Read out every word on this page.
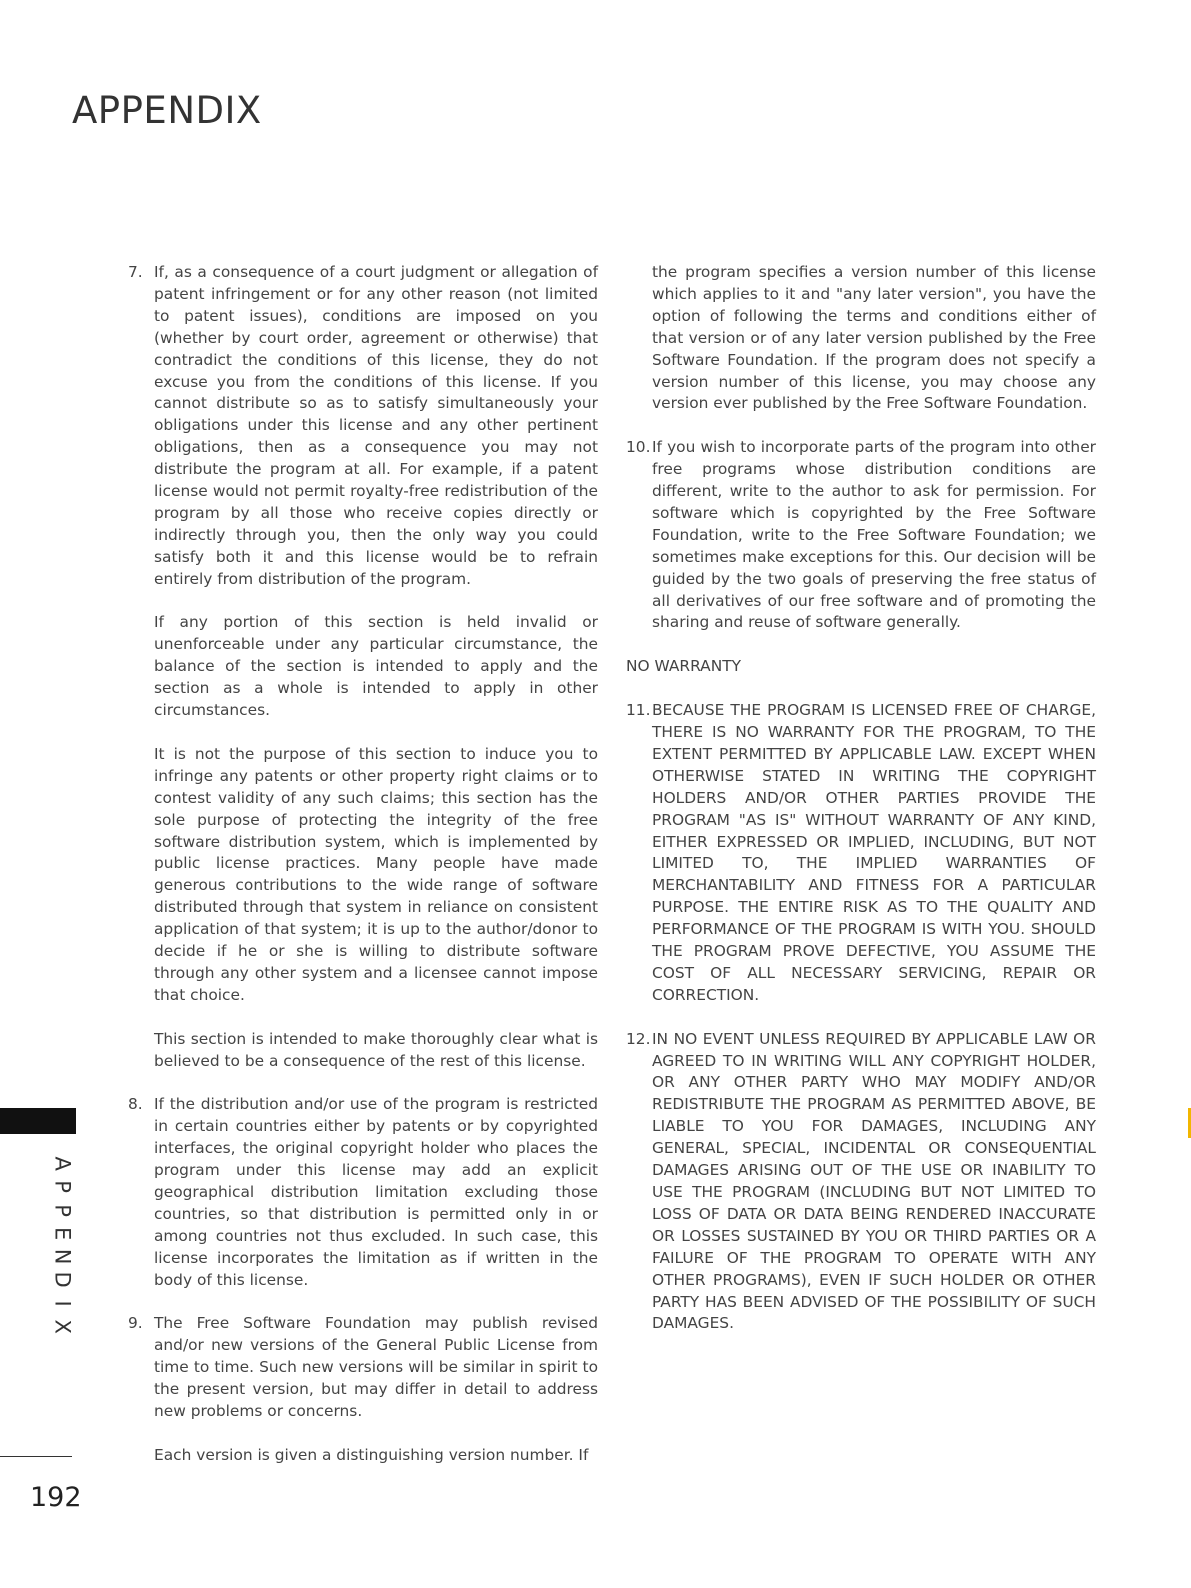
APPENDIX
7. If, as a consequence of a court judgment or allegation of patent infringement or for any other reason (not limited to patent issues), conditions are imposed on you (whether by court order, agreement or otherwise) that contradict the conditions of this license, they do not excuse you from the conditions of this license. If you cannot distribute so as to satisfy simultaneously your obligations under this license and any other pertinent obligations, then as a consequence you may not distribute the program at all. For example, if a patent license would not permit royalty-free redistribution of the program by all those who receive copies directly or indirectly through you, then the only way you could satisfy both it and this license would be to refrain entirely from distribution of the program.

If any portion of this section is held invalid or unenforceable under any particular circumstance, the balance of the section is intended to apply and the section as a whole is intended to apply in other circumstances.

It is not the purpose of this section to induce you to infringe any patents or other property right claims or to contest validity of any such claims; this section has the sole purpose of protecting the integrity of the free software distribution system, which is implemented by public license practices. Many people have made generous contributions to the wide range of software distributed through that system in reliance on consistent application of that system; it is up to the author/donor to decide if he or she is willing to distribute software through any other system and a licensee cannot impose that choice.

This section is intended to make thoroughly clear what is believed to be a consequence of the rest of this license.

8. If the distribution and/or use of the program is restricted in certain countries either by patents or by copyrighted interfaces, the original copyright holder who places the program under this license may add an explicit geographical distribution limitation excluding those countries, so that distribution is permitted only in or among countries not thus excluded. In such case, this license incorporates the limitation as if written in the body of this license.

9. The Free Software Foundation may publish revised and/or new versions of the General Public License from time to time. Such new versions will be similar in spirit to the present version, but may differ in detail to address new problems or concerns.

Each version is given a distinguishing version number. If

the program specifies a version number of this license which applies to it and "any later version", you have the option of following the terms and conditions either of that version or of any later version published by the Free Software Foundation. If the program does not specify a version number of this license, you may choose any version ever published by the Free Software Foundation.

10. If you wish to incorporate parts of the program into other free programs whose distribution conditions are different, write to the author to ask for permission. For software which is copyrighted by the Free Software Foundation, write to the Free Software Foundation; we sometimes make exceptions for this. Our decision will be guided by the two goals of preserving the free status of all derivatives of our free software and of promoting the sharing and reuse of software generally.

NO WARRANTY
11. BECAUSE THE PROGRAM IS LICENSED FREE OF CHARGE, THERE IS NO WARRANTY FOR THE PROGRAM, TO THE EXTENT PERMITTED BY APPLICABLE LAW. EXCEPT WHEN OTHERWISE STATED IN WRITING THE COPYRIGHT HOLDERS AND/OR OTHER PARTIES PROVIDE THE PROGRAM "AS IS" WITHOUT WARRANTY OF ANY KIND, EITHER EXPRESSED OR IMPLIED, INCLUDING, BUT NOT LIMITED TO, THE IMPLIED WARRANTIES OF MERCHANTABILITY AND FITNESS FOR A PARTICULAR PURPOSE. THE ENTIRE RISK AS TO THE QUALITY AND PERFORMANCE OF THE PROGRAM IS WITH YOU. SHOULD THE PROGRAM PROVE DEFECTIVE, YOU ASSUME THE COST OF ALL NECESSARY SERVICING, REPAIR OR CORRECTION.

12. IN NO EVENT UNLESS REQUIRED BY APPLICABLE LAW OR AGREED TO IN WRITING WILL ANY COPYRIGHT HOLDER, OR ANY OTHER PARTY WHO MAY MODIFY AND/OR REDISTRIBUTE THE PROGRAM AS PERMITTED ABOVE, BE LIABLE TO YOU FOR DAMAGES, INCLUDING ANY GENERAL, SPECIAL, INCIDENTAL OR CONSEQUENTIAL DAMAGES ARISING OUT OF THE USE OR INABILITY TO USE THE PROGRAM (INCLUDING BUT NOT LIMITED TO LOSS OF DATA OR DATA BEING RENDERED INACCURATE OR LOSSES SUSTAINED BY YOU OR THIRD PARTIES OR A FAILURE OF THE PROGRAM TO OPERATE WITH ANY OTHER PROGRAMS), EVEN IF SUCH HOLDER OR OTHER PARTY HAS BEEN ADVISED OF THE POSSIBILITY OF SUCH DAMAGES.

A
P
P
E
N
D
I
X
192
